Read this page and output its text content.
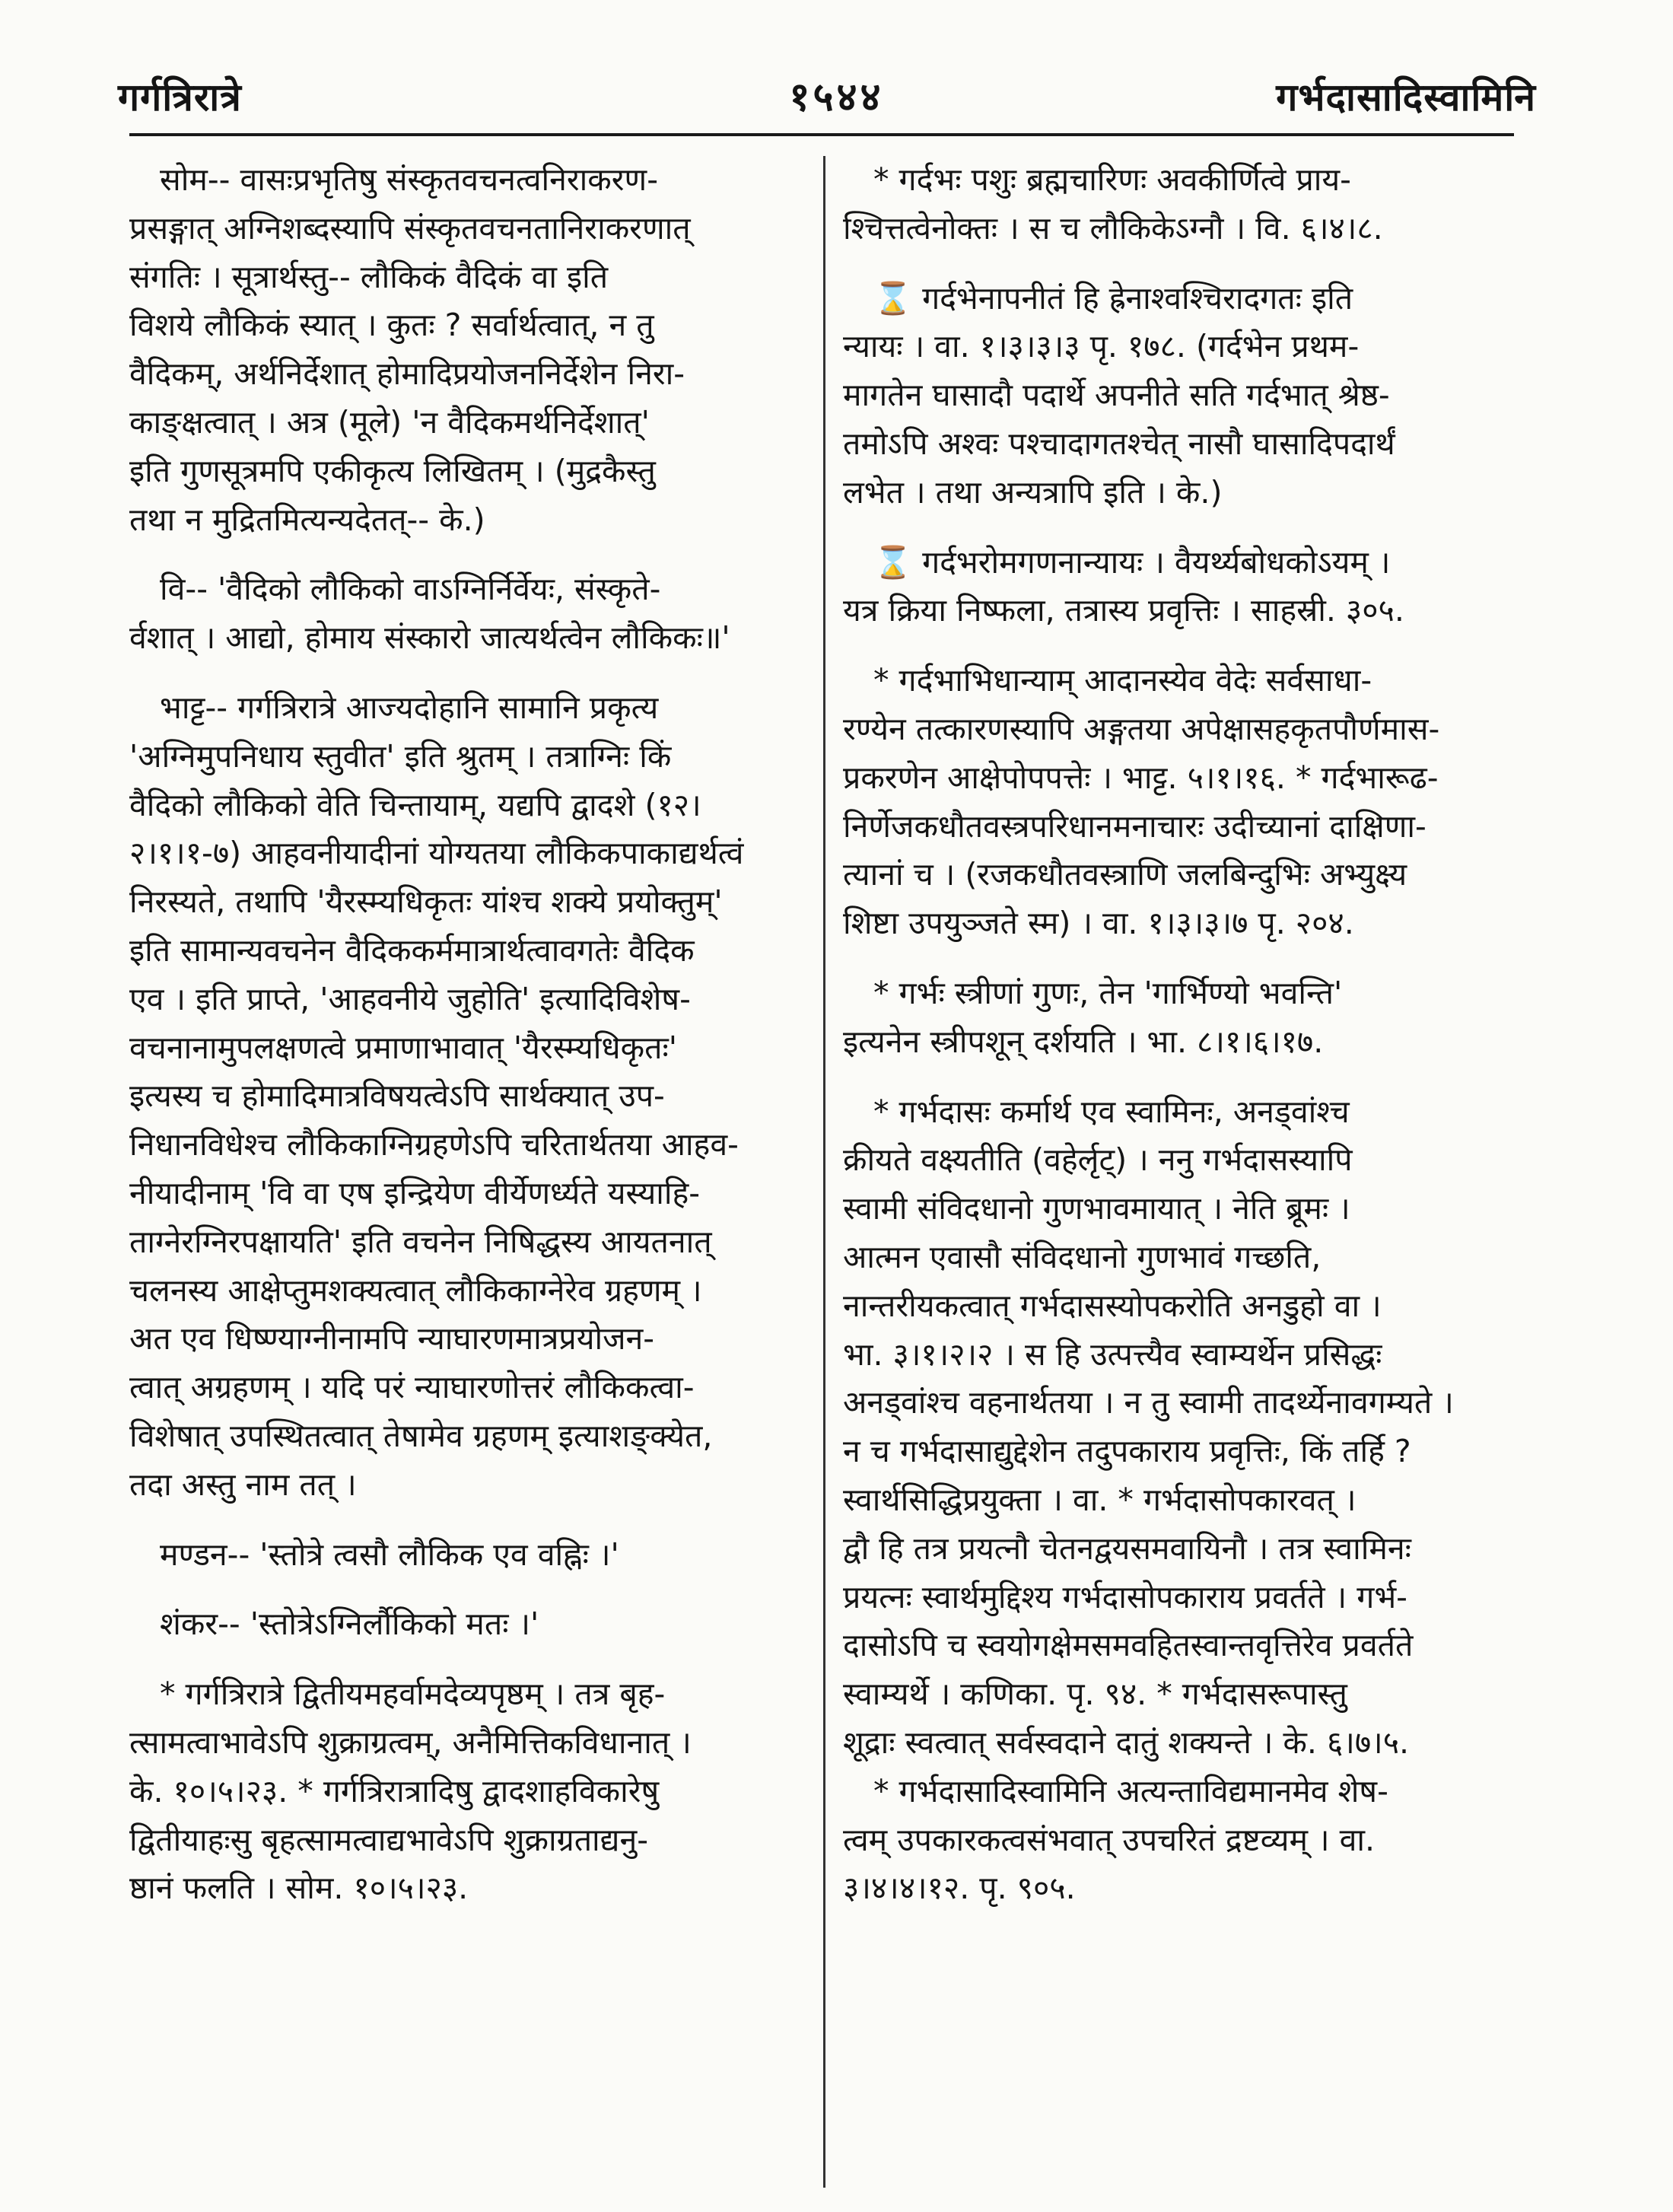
गर्गत्रिरात्रे	१५४४	गर्भदासादिस्वामिनि
सोम-- वासःप्रभृतिषु संस्कृतवचनत्वनिराकरण-
प्रसङ्गात् अग्निशब्दस्यापि संस्कृतवचनतानिराकरणात्
संगतिः । सूत्रार्थस्तु-- लौकिकं वैदिकं वा इति
विशये लौकिकं स्यात् । कुतः ? सर्वार्थत्वात्, न तु
वैदिकम्, अर्थनिर्देशात् होमादिप्रयोजननिर्देशेन निरा-
काङ्क्षत्वात् । अत्र (मूले) 'न वैदिकमर्थनिर्देशात्'
इति गुणसूत्रमपि एकीकृत्य लिखितम् । (मुद्रकैस्तु
तथा न मुद्रितमित्यन्यदेतत्-- के.)
वि-- 'वैदिको लौकिको वाऽग्निर्निर्वेयः, संस्कृते-
र्वशात् । आद्यो, होमाय संस्कारो जात्यर्थत्वेन लौकिकः॥'
भाट्ट-- गर्गत्रिरात्रे आज्यदोहानि सामानि प्रकृत्य
'अग्निमुपनिधाय स्तुवीत' इति श्रुतम् । तत्राग्निः किं
वैदिको लौकिको वेति चिन्तायाम्, यद्यपि द्वादशे (१२।
२।१।१-७) आहवनीयादीनां योग्यतया लौकिकपाकाद्यर्थत्वं
निरस्यते, तथापि 'यैरस्म्यधिकृतः यांश्च शक्ये प्रयोक्तुम्'
इति सामान्यवचनेन वैदिककर्ममात्रार्थत्वावगतेः वैदिक
एव । इति प्राप्ते, 'आहवनीये जुहोति' इत्यादिविशेष-
वचनानामुपलक्षणत्वे प्रमाणाभावात् 'यैरस्म्यधिकृतः'
इत्यस्य च होमादिमात्रविषयत्वेऽपि सार्थक्यात् उप-
निधानविधेश्च लौकिकाग्निग्रहणेऽपि चरितार्थतया आहव-
नीयादीनाम् 'वि वा एष इन्द्रियेण वीर्येणर्ध्यते यस्याहि-
ताग्नेरग्निरपक्षायति' इति वचनेन निषिद्धस्य आयतनात्
चलनस्य आक्षेप्तुमशक्यत्वात् लौकिकाग्नेरेव ग्रहणम् ।
अत एव धिष्ण्याग्नीनामपि न्याघारणमात्रप्रयोजन-
त्वात् अग्रहणम् । यदि परं न्याघारणोत्तरं लौकिकत्वा-
विशेषात् उपस्थितत्वात् तेषामेव ग्रहणम् इत्याशङ्क्येत,
तदा अस्तु नाम तत् ।
मण्डन-- 'स्तोत्रे त्वसौ लौकिक एव वह्निः ।'
शंकर-- 'स्तोत्रेऽग्निर्लौकिको मतः ।'
* गर्गत्रिरात्रे द्वितीयमहर्वामदेव्यपृष्ठम् । तत्र बृह-
त्सामत्वाभावेऽपि शुक्राग्रत्वम्, अनैमित्तिकविधानात् ।
के. १०।५।२३. * गर्गत्रिरात्रादिषु द्वादशाहविकारेषु
द्वितीयाहःसु बृहत्सामत्वाद्यभावेऽपि शुक्राग्रताद्यनु-
ष्ठानं फलति । सोम. १०।५।२३.
* गर्दभः पशुः ब्रह्मचारिणः अवकीर्णित्वे प्राय-
श्चित्तत्वेनोक्तः । स च लौकिकेऽग्नौ । वि. ६।४।८.
⌛ गर्दभेनापनीतं हि ह्रेनाश्वश्चिरादगतः इति
न्यायः । वा. १।३।३।३ पृ. १७८. (गर्दभेन प्रथम-
मागतेन घासादौ पदार्थे अपनीते सति गर्दभात् श्रेष्ठ-
तमोऽपि अश्वः पश्चादागतश्चेत् नासौ घासादिपदार्थं
लभेत । तथा अन्यत्रापि इति । के.)
⌛ गर्दभरोमगणनान्यायः । वैयर्थ्यबोधकोऽयम् ।
यत्र क्रिया निष्फला, तत्रास्य प्रवृत्तिः । साहस्री. ३०५.
* गर्दभाभिधान्याम् आदानस्येव वेदेः सर्वसाधा-
रण्येन तत्कारणस्यापि अङ्गतया अपेक्षासहकृतपौर्णमास-
प्रकरणेन आक्षेपोपपत्तेः । भाट्ट. ५।१।१६. * गर्दभारूढ-
निर्णेजकधौतवस्त्रपरिधानमनाचारः उदीच्यानां दाक्षिणा-
त्यानां च । (रजकधौतवस्त्राणि जलबिन्दुभिः अभ्युक्ष्य
शिष्टा उपयुञ्जते स्म) । वा. १।३।३।७ पृ. २०४.
* गर्भः स्त्रीणां गुणः, तेन 'गार्भिण्यो भवन्ति'
इत्यनेन स्त्रीपशून् दर्शयति । भा. ८।१।६।१७.
* गर्भदासः कर्मार्थ एव स्वामिनः, अनड्वांश्च
क्रीयते वक्ष्यतीति (वहेर्लृट्) । ननु गर्भदासस्यापि
स्वामी संविदधानो गुणभावमायात् । नेति ब्रूमः ।
आत्मन एवासौ संविदधानो गुणभावं गच्छति,
नान्तरीयकत्वात् गर्भदासस्योपकरोति अनडुहो वा ।
भा. ३।१।२।२ । स हि उत्पत्त्यैव स्वाम्यर्थेन प्रसिद्धः
अनड्वांश्च वहनार्थतया । न तु स्वामी तादर्थ्येनावगम्यते ।
न च गर्भदासाद्युद्देशेन तदुपकाराय प्रवृत्तिः, किं तर्हि ?
स्वार्थसिद्धिप्रयुक्ता । वा. * गर्भदासोपकारवत् ।
द्वौ हि तत्र प्रयत्नौ चेतनद्वयसमवायिनौ । तत्र स्वामिनः
प्रयत्नः स्वार्थमुद्दिश्य गर्भदासोपकाराय प्रवर्तते । गर्भ-
दासोऽपि च स्वयोगक्षेमसमवहितस्वान्तवृत्तिरेव प्रवर्तते
स्वाम्यर्थे । कणिका. पृ. ९४. * गर्भदासरूपास्तु
शूद्राः स्वत्वात् सर्वस्वदाने दातुं शक्यन्ते । के. ६।७।५.
* गर्भदासादिस्वामिनि अत्यन्ताविद्यमानमेव शेष-
त्वम् उपकारकत्वसंभवात् उपचरितं द्रष्टव्यम् । वा.
३।४।४।१२. पृ. ९०५.
